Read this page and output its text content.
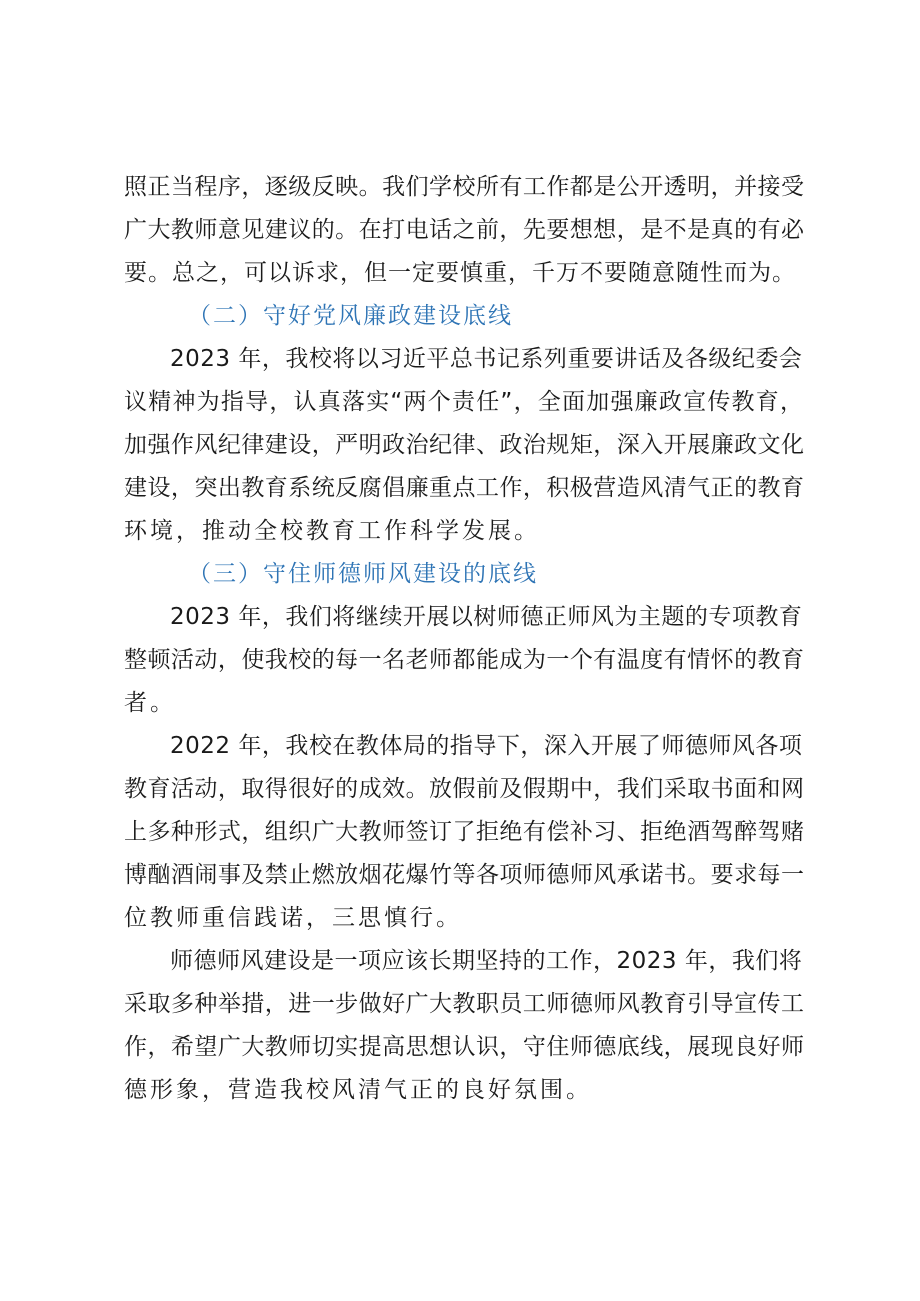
照正当程序，逐级反映。我们学校所有工作都是公开透明，并接受
广大教师意见建议的。在打电话之前，先要想想，是不是真的有必
要。总之，可以诉求，但一定要慎重，千万不要随意随性而为。
（二）守好党风廉政建设底线
2023 年，我校将以习近平总书记系列重要讲话及各级纪委会
议精神为指导，认真落实“两个责任”，全面加强廉政宣传教育，
加强作风纪律建设，严明政治纪律、政治规矩，深入开展廉政文化
建设，突出教育系统反腐倡廉重点工作，积极营造风清气正的教育
环境，推动全校教育工作科学发展。
（三）守住师德师风建设的底线
2023 年，我们将继续开展以树师德正师风为主题的专项教育
整顿活动，使我校的每一名老师都能成为一个有温度有情怀的教育
者。
2022 年，我校在教体局的指导下，深入开展了师德师风各项
教育活动，取得很好的成效。放假前及假期中，我们采取书面和网
上多种形式，组织广大教师签订了拒绝有偿补习、拒绝酒驾醉驾赌
博酗酒闹事及禁止燃放烟花爆竹等各项师德师风承诺书。要求每一
位教师重信践诺，三思慎行。
师德师风建设是一项应该长期坚持的工作，2023 年，我们将
采取多种举措，进一步做好广大教职员工师德师风教育引导宣传工
作，希望广大教师切实提高思想认识，守住师德底线，展现良好师
德形象，营造我校风清气正的良好氛围。
